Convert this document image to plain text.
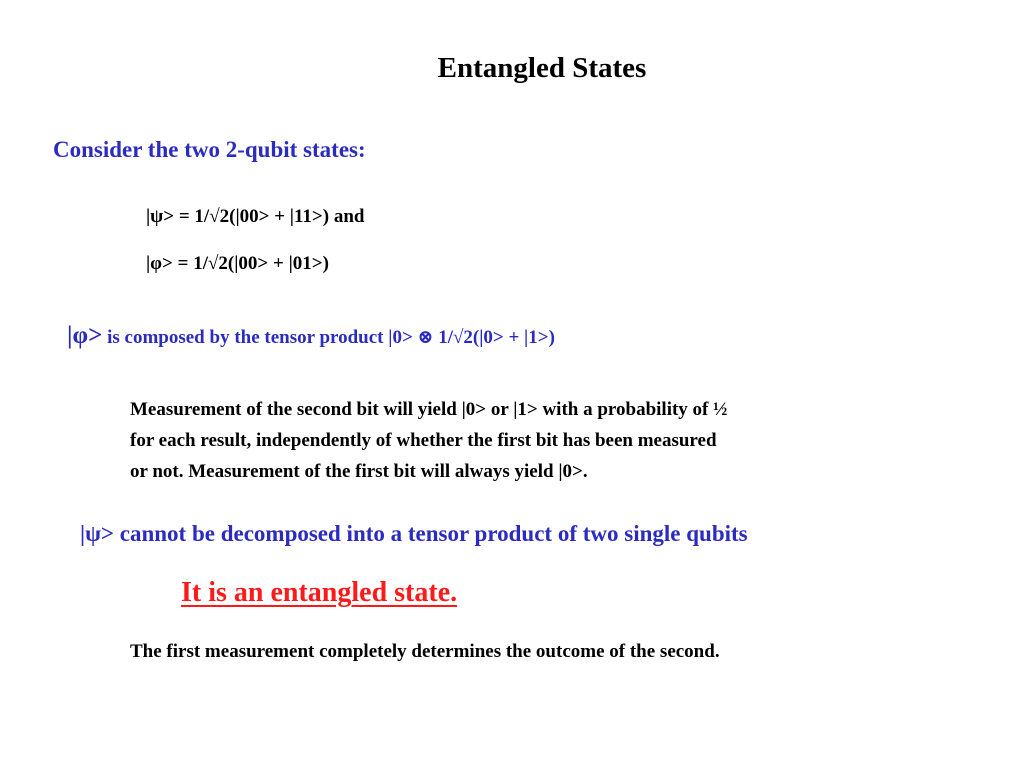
Entangled States

Consider the two 2-qubit states:

|ψ> = 1/√2(|00> + |11>) and

|φ> = 1/√2(|00> + |01>)

|φ> is composed by the tensor product |0> ⊗ 1/√2(|0> + |1>)

Measurement of the second bit will yield |0> or |1> with a probability of ½
for each result, independently of whether the first bit has been measured
or not. Measurement of the first bit will always yield |0>.

|ψ> cannot be decomposed into a tensor product of two single qubits

It is an entangled state.

The first measurement completely determines the outcome of the second.
